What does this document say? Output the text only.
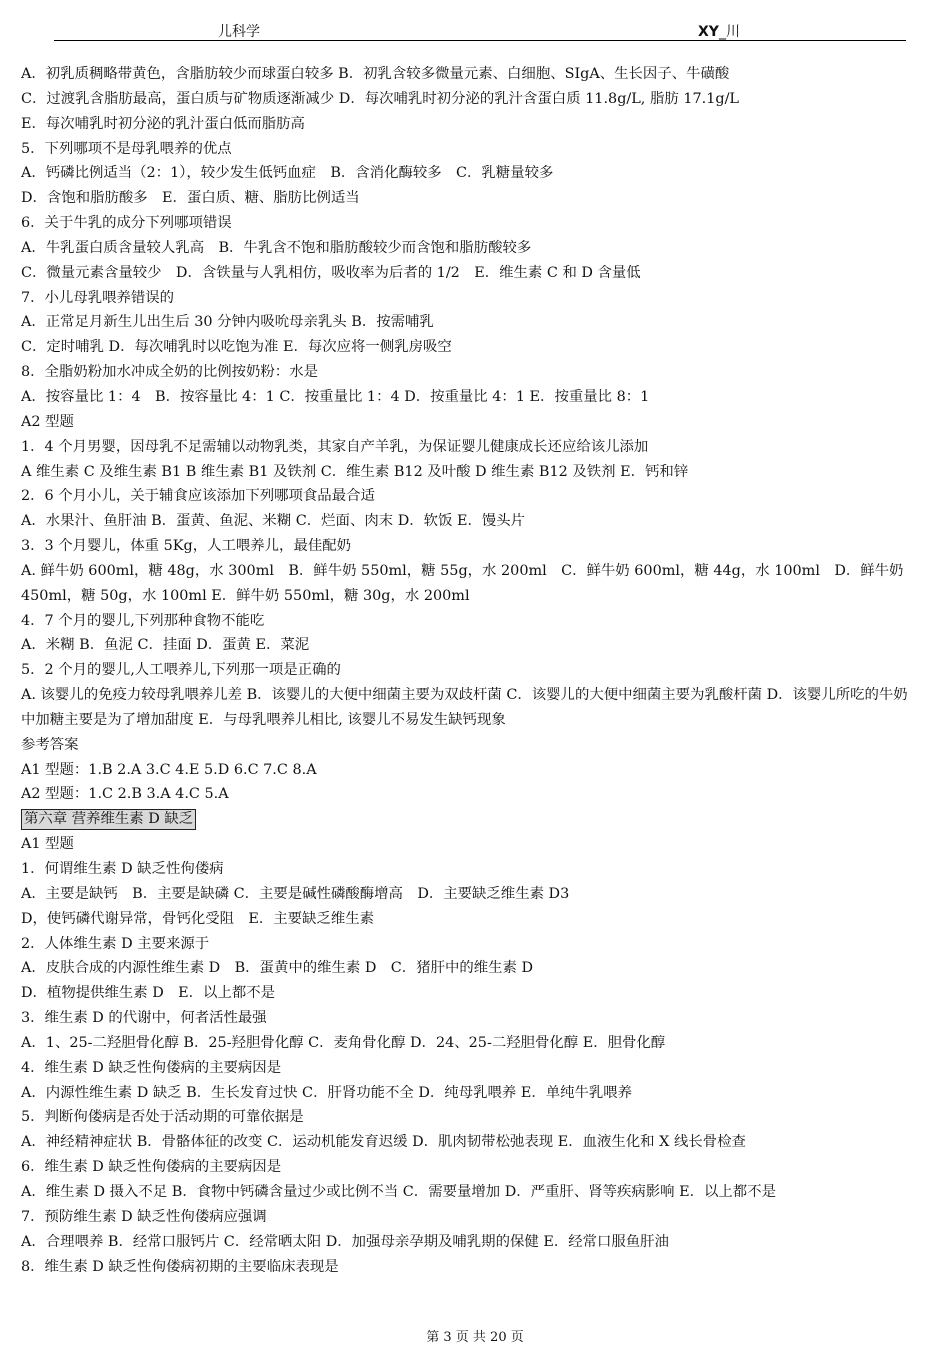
儿科学	XY_川
A．初乳质稠略带黄色，含脂肪较少而球蛋白较多 B．初乳含较多微量元素、白细胞、SIgA、生长因子、牛磺酸
C．过渡乳含脂肪最高，蛋白质与矿物质逐渐减少 D．每次哺乳时初分泌的乳汁含蛋白质 11.8g/L, 脂肪 17.1g/L
E．每次哺乳时初分泌的乳汁蛋白低而脂肪高
5．下列哪项不是母乳喂养的优点
A．钙磷比例适当（2：1），较少发生低钙血症　B．含消化酶较多　C．乳糖量较多
D．含饱和脂肪酸多　E．蛋白质、糖、脂肪比例适当
6．关于牛乳的成分下列哪项错误
A．牛乳蛋白质含量较人乳高　B．牛乳含不饱和脂肪酸较少而含饱和脂肪酸较多
C．微量元素含量较少　D．含铁量与人乳相仿，吸收率为后者的 1/2　E．维生素 C 和 D 含量低
7．小儿母乳喂养错误的
A．正常足月新生儿出生后 30 分钟内吸吮母亲乳头 B．按需哺乳
C．定时哺乳 D．每次哺乳时以吃饱为准 E．每次应将一侧乳房吸空
8．全脂奶粉加水冲成全奶的比例按奶粉：水是
A．按容量比 1：4　B．按容量比 4：1 C．按重量比 1：4 D．按重量比 4：1 E．按重量比 8：1
A2 型题
1．4 个月男婴，因母乳不足需辅以动物乳类，其家自产羊乳，为保证婴儿健康成长还应给该儿添加
A 维生素 C 及维生素 B1 B 维生素 B1 及铁剂 C．维生素 B12 及叶酸 D 维生素 B12 及铁剂 E．钙和锌
2．6 个月小儿，关于辅食应该添加下列哪项食品最合适
A．水果汁、鱼肝油 B．蛋黄、鱼泥、米糊 C．烂面、肉末 D．软饭 E．馒头片
3．3 个月婴儿，体重 5Kg，人工喂养儿，最佳配奶
A. 鲜牛奶 600ml，糖 48g，水 300ml　B．鲜牛奶 550ml，糖 55g，水 200ml　C．鲜牛奶 600ml，糖 44g，水 100ml　D．鲜牛奶 450ml，糖 50g，水 100ml E．鲜牛奶 550ml，糖 30g，水 200ml
4．7 个月的婴儿,下列那种食物不能吃
A．米糊 B．鱼泥 C．挂面 D．蛋黄 E．菜泥
5．2 个月的婴儿,人工喂养儿,下列那一项是正确的
A. 该婴儿的免疫力较母乳喂养儿差 B．该婴儿的大便中细菌主要为双歧杆菌 C．该婴儿的大便中细菌主要为乳酸杆菌 D．该婴儿所吃的牛奶中加糖主要是为了增加甜度 E．与母乳喂养儿相比, 该婴儿不易发生缺钙现象
参考答案
A1 型题：1.B 2.A 3.C 4.E 5.D 6.C 7.C 8.A
A2 型题：1.C 2.B 3.A 4.C 5.A
第六章 营养维生素 D 缺乏
A1 型题
1．何谓维生素 D 缺乏性佝偻病
A．主要是缺钙　B．主要是缺磷 C．主要是碱性磷酸酶增高　D．主要缺乏维生素 D3
D，使钙磷代谢异常，骨钙化受阻　E．主要缺乏维生素
2．人体维生素 D 主要来源于
A．皮肤合成的内源性维生素 D　B．蛋黄中的维生素 D　C．猪肝中的维生素 D
D．植物提供维生素 D　E．以上都不是
3．维生素 D 的代谢中，何者活性最强
A．1、25-二羟胆骨化醇 B．25-羟胆骨化醇 C．麦角骨化醇 D．24、25-二羟胆骨化醇 E．胆骨化醇
4．维生素 D 缺乏性佝偻病的主要病因是
A．内源性维生素 D 缺乏 B．生长发育过快 C．肝肾功能不全 D．纯母乳喂养 E．单纯牛乳喂养
5．判断佝偻病是否处于活动期的可靠依据是
A．神经精神症状 B．骨骼体征的改变 C．运动机能发育迟缓 D．肌肉韧带松弛表现 E．血液生化和 X 线长骨检查
6．维生素 D 缺乏性佝偻病的主要病因是
A．维生素 D 摄入不足 B．食物中钙磷含量过少或比例不当 C．需要量增加 D．严重肝、肾等疾病影响 E．以上都不是
7．预防维生素 D 缺乏性佝偻病应强调
A．合理喂养 B．经常口服钙片 C．经常晒太阳 D．加强母亲孕期及哺乳期的保健 E．经常口服鱼肝油
8．维生素 D 缺乏性佝偻病初期的主要临床表现是
第 3 页 共 20 页
